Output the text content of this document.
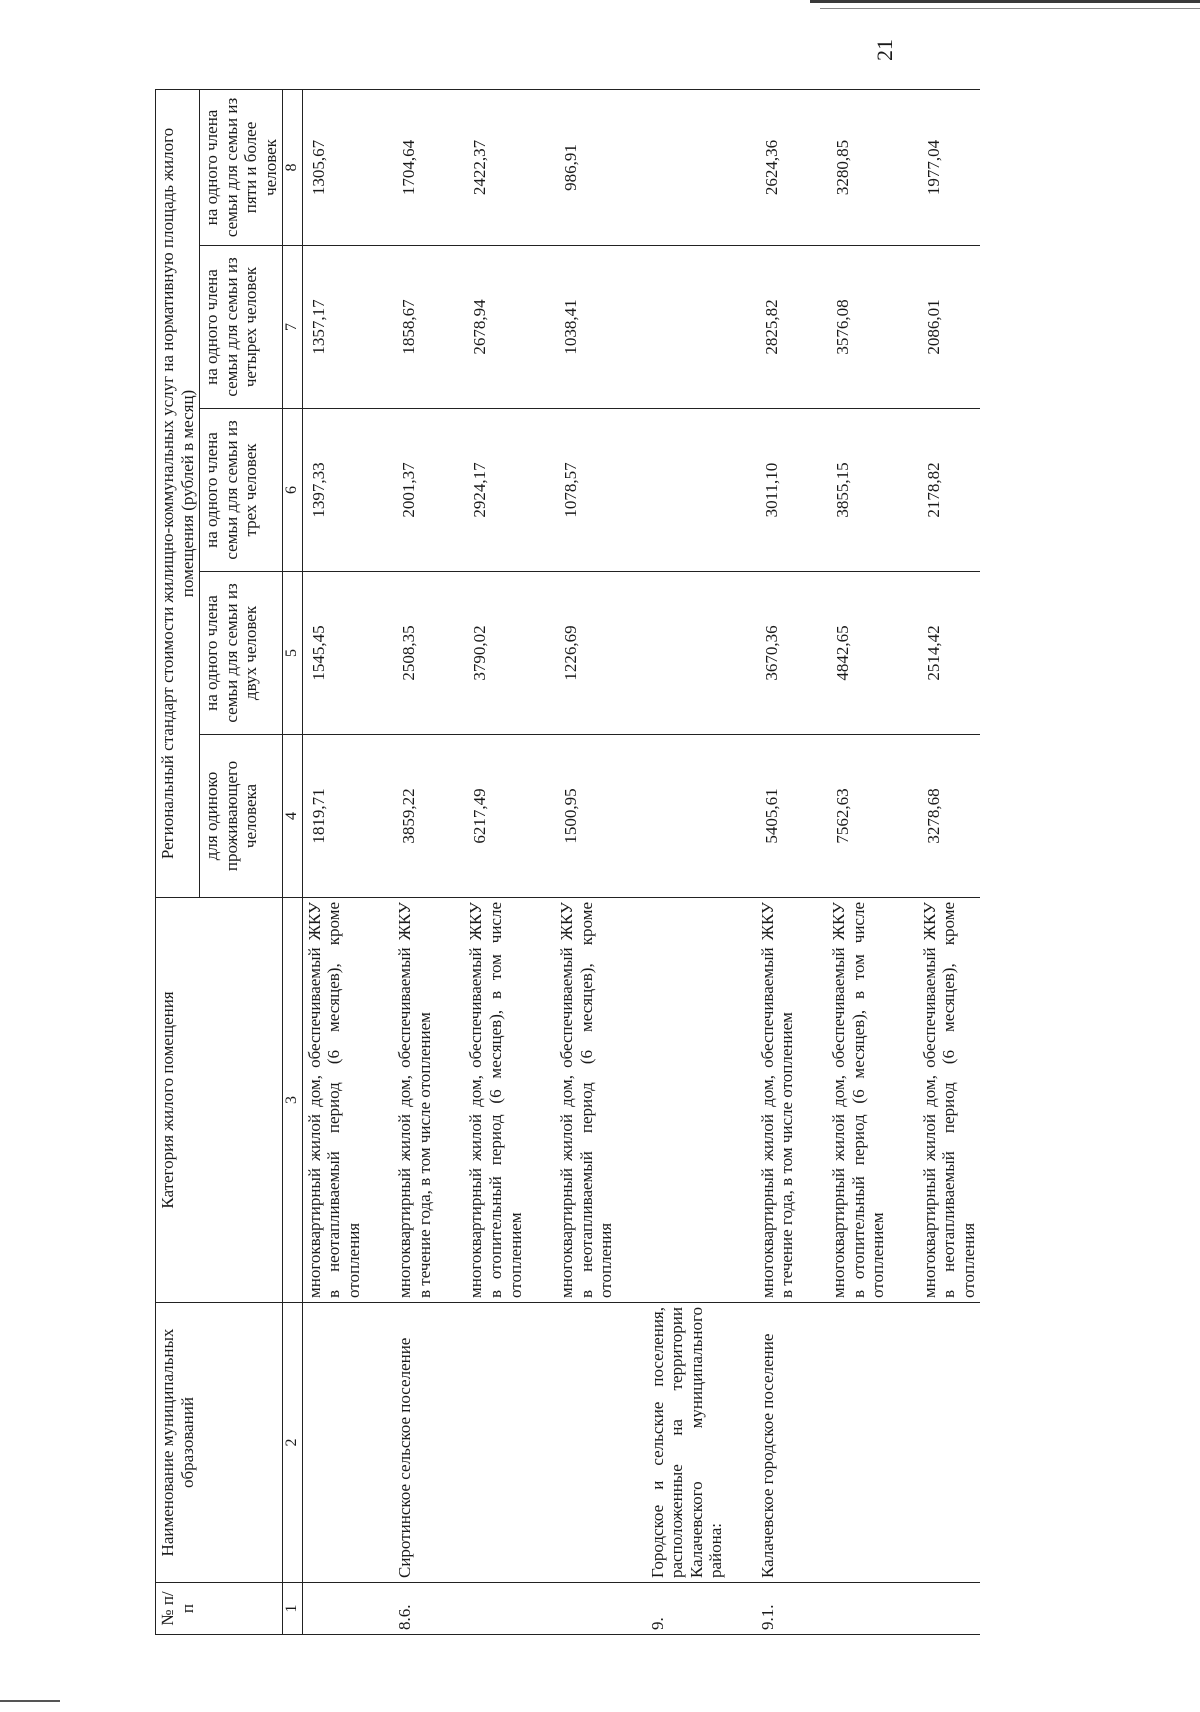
21
№ п/п	Наименование муниципальных образований	Категория жилого помещения	Региональный стандарт стоимости жилищно-коммунальных услуг на нормативную площадь жилого помещения (рублей в месяц)				
			для одиноко проживающего человека	на одного члена семьи для семьи из двух человек	на одного члена семьи для семьи из трех человек	на одного члена семьи для семьи из четырех человек	на одного члена семьи для семьи из пяти и более человек
1	2	3	4	5	6	7	8
		многоквартирный жилой дом, обеспечиваемый ЖКУ в неотапливаемый период (6 месяцев), кроме отопления	1819,71	1545,45	1397,33	1357,17	1305,67
8.6.	Сиротинское сельское поселение	многоквартирный жилой дом, обеспечиваемый ЖКУ в течение года, в том числе отоплением	3859,22	2508,35	2001,37	1858,67	1704,64
		многоквартирный жилой дом, обеспечиваемый ЖКУ в отопительный период (6 месяцев), в том числе отоплением	6217,49	3790,02	2924,17	2678,94	2422,37
		многоквартирный жилой дом, обеспечиваемый ЖКУ в неотапливаемый период (6 месяцев), кроме отопления	1500,95	1226,69	1078,57	1038,41	986,91
9.	Городское и сельские поселения, расположенные на территории Калачевского муниципального района:						
9.1.	Калачевское городское поселение	многоквартирный жилой дом, обеспечиваемый ЖКУ в течение года, в том числе отоплением	5405,61	3670,36	3011,10	2825,82	2624,36
		многоквартирный жилой дом, обеспечиваемый ЖКУ в отопительный период (6 месяцев), в том числе отоплением	7562,63	4842,65	3855,15	3576,08	3280,85
		многоквартирный жилой дом, обеспечиваемый ЖКУ в неотапливаемый период (6 месяцев), кроме отопления	3278,68	2514,42	2178,82	2086,01	1977,04
